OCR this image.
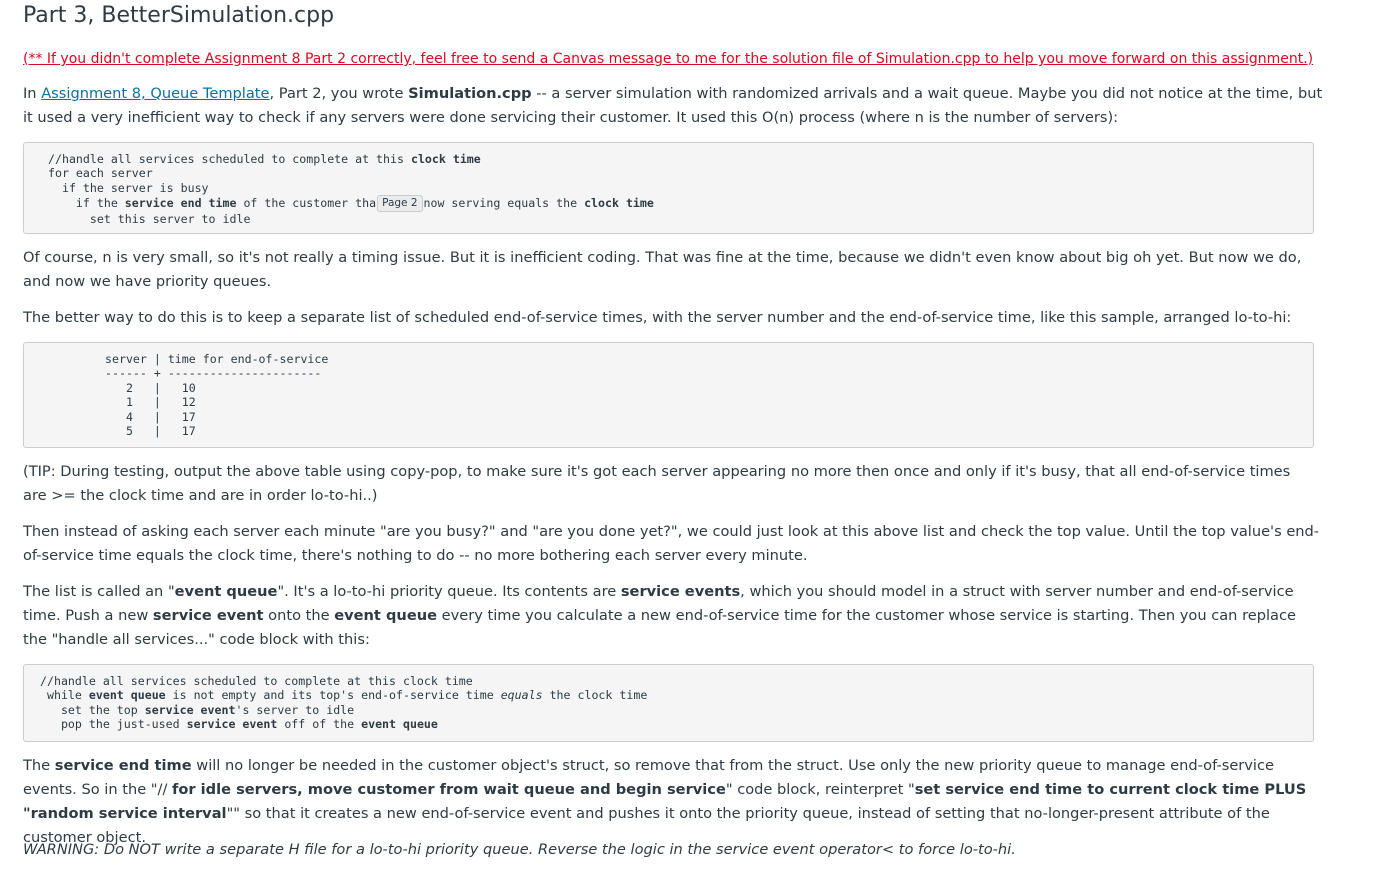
Part 3, BetterSimulation.cpp
(** If you didn't complete Assignment 8 Part 2 correctly, feel free to send a Canvas message to me for the solution file of Simulation.cpp to help you move forward on this assignment.)
In Assignment 8, Queue Template, Part 2, you wrote Simulation.cpp -- a server simulation with randomized arrivals and a wait queue. Maybe you did not notice at the time, but it used a very inefficient way to check if any servers were done servicing their customer. It used this O(n) process (where n is the number of servers):
//handle all services scheduled to complete at this clock time
for each server
if the server is busy
if the service end time of the customer tha Page 2 now serving equals the clock time
set this server to idle
Of course, n is very small, so it's not really a timing issue. But it is inefficient coding. That was fine at the time, because we didn't even know about big oh yet. But now we do, and now we have priority queues.
The better way to do this is to keep a separate list of scheduled end-of-service times, with the server number and the end-of-service time, like this sample, arranged lo-to-hi:
server | time for end-of-service
------ + ----------------------
2   |   10
1   |   12
4   |   17
5   |   17
(TIP: During testing, output the above table using copy-pop, to make sure it's got each server appearing no more then once and only if it's busy, that all end-of-service times are >= the clock time and are in order lo-to-hi..)
Then instead of asking each server each minute "are you busy?" and "are you done yet?", we could just look at this above list and check the top value. Until the top value's end-of-service time equals the clock time, there's nothing to do -- no more bothering each server every minute.
The list is called an "event queue". It's a lo-to-hi priority queue. Its contents are service events, which you should model in a struct with server number and end-of-service time. Push a new service event onto the event queue every time you calculate a new end-of-service time for the customer whose service is starting. Then you can replace the "handle all services..." code block with this:
//handle all services scheduled to complete at this clock time
while event queue is not empty and its top's end-of-service time equals the clock time
set the top service event's server to idle
pop the just-used service event off of the event queue
The service end time will no longer be needed in the customer object's struct, so remove that from the struct. Use only the new priority queue to manage end-of-service events. So in the "// for idle servers, move customer from wait queue and begin service" code block, reinterpret "set service end time to current clock time PLUS "random service interval"" so that it creates a new end-of-service event and pushes it onto the priority queue, instead of setting that no-longer-present attribute of the customer object.
WARNING: Do NOT write a separate H file for a lo-to-hi priority queue. Reverse the logic in the service event operator< to force lo-to-hi.
